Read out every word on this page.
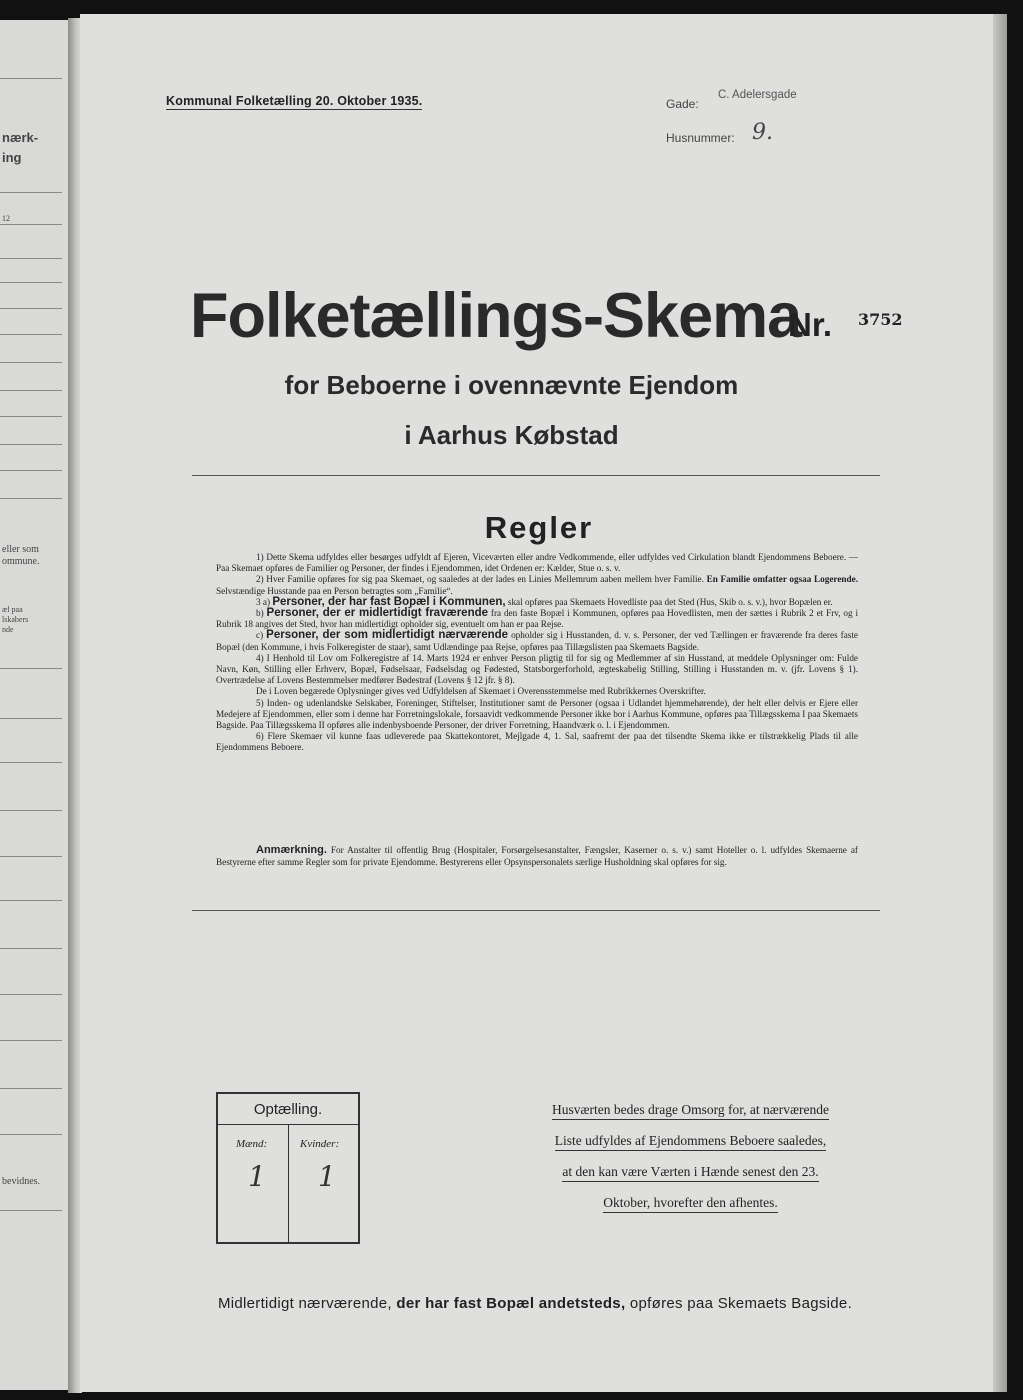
nærk-
ing
12
eller som
ommune.
æl paa
lskabers
nde
bevidnes.
Kommunal Folketælling 20. Oktober 1935.	Gade:
C. Adelersgade
Husnummer: 9.
Folketællings-Skema
Nr. 3752
for Beboerne i ovennævnte Ejendom
i Aarhus Købstad
Regler

1) Dette Skema udfyldes eller besørges udfyldt af Ejeren, Viceværten eller andre Vedkommende, eller udfyldes ved Cirkulation blandt Ejendommens Beboere. — Paa Skemaet opføres de Familier og Personer, der findes i Ejendommen, idet Ordenen er: Kælder, Stue o. s. v.

2) Hver Familie opføres for sig paa Skemaet, og saaledes at der lades en Linies Mellemrum aaben mellem hver Familie. En Familie omfatter ogsaa Logerende. Selvstændige Husstande paa en Person betragtes som „Familie“.

3 a) Personer, der har fast Bopæl i Kommunen, skal opføres paa Skemaets Hovedliste paa det Sted (Hus, Skib o. s. v.), hvor Bopælen er.

b) Personer, der er midlertidigt fraværende fra den faste Bopæl i Kommunen, opføres paa Hovedlisten, men der sættes i Rubrik 2 et Frv, og i Rubrik 18 angives det Sted, hvor han midlertidigt opholder sig, eventuelt om han er paa Rejse.

c) Personer, der som midlertidigt nærværende opholder sig i Husstanden, d. v. s. Personer, der ved Tællingen er fraværende fra deres faste Bopæl (den Kommune, i hvis Folkeregister de staar), samt Udlændinge paa Rejse, opføres paa Tillægslisten paa Skemaets Bagside.

4) I Henhold til Lov om Folkeregistre af 14. Marts 1924 er enhver Person pligtig til for sig og Medlemmer af sin Husstand, at meddele Oplysninger om: Fulde Navn, Køn, Stilling eller Erhverv, Bopæl, Fødselsaar, Fødselsdag og Fødested, Statsborgerforhold, ægteskabelig Stilling, Stilling i Husstanden m. v. (jfr. Lovens § 1). Overtrædelse af Lovens Bestemmelser medfører Bødestraf (Lovens § 12 jfr. § 8).

De i Loven begærede Oplysninger gives ved Udfyldelsen af Skemaet i Overensstemmelse med Rubrikkernes Overskrifter.

5) Inden- og udenlandske Selskaber, Foreninger, Stiftelser, Institutioner samt de Personer (ogsaa i Udlandet hjemmehørende), der helt eller delvis er Ejere eller Medejere af Ejendommen, eller som i denne har Forretningslokale, forsaavidt vedkommende Personer ikke bor i Aarhus Kommune, opføres paa Tillægsskema I paa Skemaets Bagside. Paa Tillægsskema II opføres alle indenbysboende Personer, der driver Forretning, Haandværk o. l. i Ejendommen.

6) Flere Skemaer vil kunne faas udleverede paa Skattekontoret, Mejlgade 4, 1. Sal, saafremt der paa det tilsendte Skema ikke er tilstrækkelig Plads til alle Ejendommens Beboere.

Anmærkning. For Anstalter til offentlig Brug (Hospitaler, Forsørgelsesanstalter, Fængsler, Kaserner o. s. v.) samt Hoteller o. l. udfyldes Skemaerne af Bestyrerne efter samme Regler som for private Ejendomme. Bestyrerens eller Opsynspersonalets særlige Husholdning skal opføres for sig.

Optælling.
Mænd:	Kvinder:
1 1
Husværten bedes drage Omsorg for, at nærværende
Liste udfyldes af Ejendommens Beboere saaledes,
at den kan være Værten i Hænde senest den 23.
Oktober, hvorefter den afhentes.
Midlertidigt nærværende, der har fast Bopæl andetsteds, opføres paa Skemaets Bagside.
